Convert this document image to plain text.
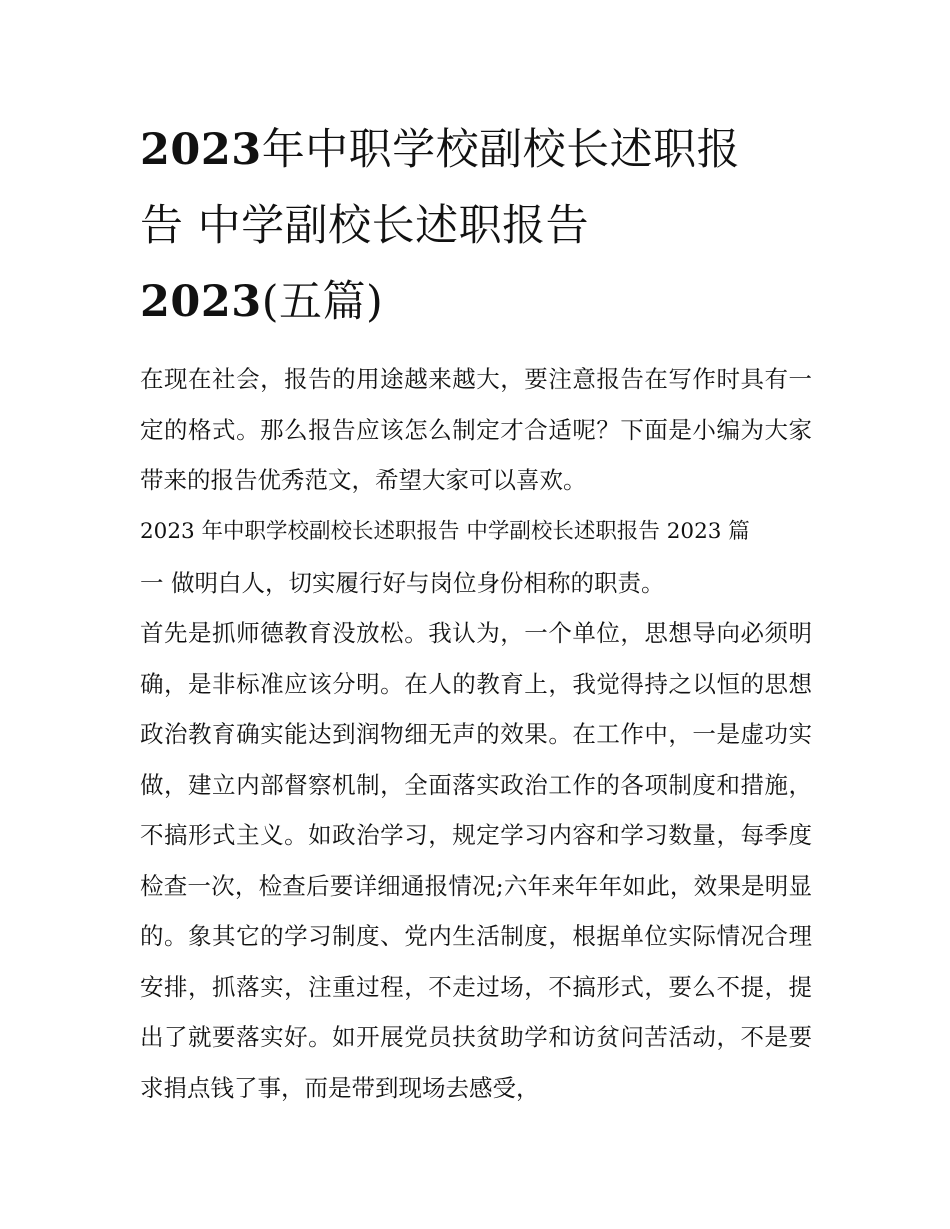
2023年中职学校副校长述职报
告 中学副校长述职报告
2023(五篇)

在现在社会，报告的用途越来越大，要注意报告在写作时具有一定的格式。那么报告应该怎么制定才合适呢？下面是小编为大家带来的报告优秀范文，希望大家可以喜欢。

2023 年中职学校副校长述职报告 中学副校长述职报告 2023 篇

一 做明白人，切实履行好与岗位身份相称的职责。

首先是抓师德教育没放松。我认为，一个单位，思想导向必须明确，是非标准应该分明。在人的教育上，我觉得持之以恒的思想政治教育确实能达到润物细无声的效果。在工作中，一是虚功实做，建立内部督察机制，全面落实政治工作的各项制度和措施，不搞形式主义。如政治学习，规定学习内容和学习数量，每季度检查一次，检查后要详细通报情况;六年来年年如此，效果是明显的。象其它的学习制度、党内生活制度，根据单位实际情况合理安排，抓落实，注重过程，不走过场，不搞形式，要么不提，提出了就要落实好。如开展党员扶贫助学和访贫问苦活动，不是要求捐点钱了事，而是带到现场去感受，
